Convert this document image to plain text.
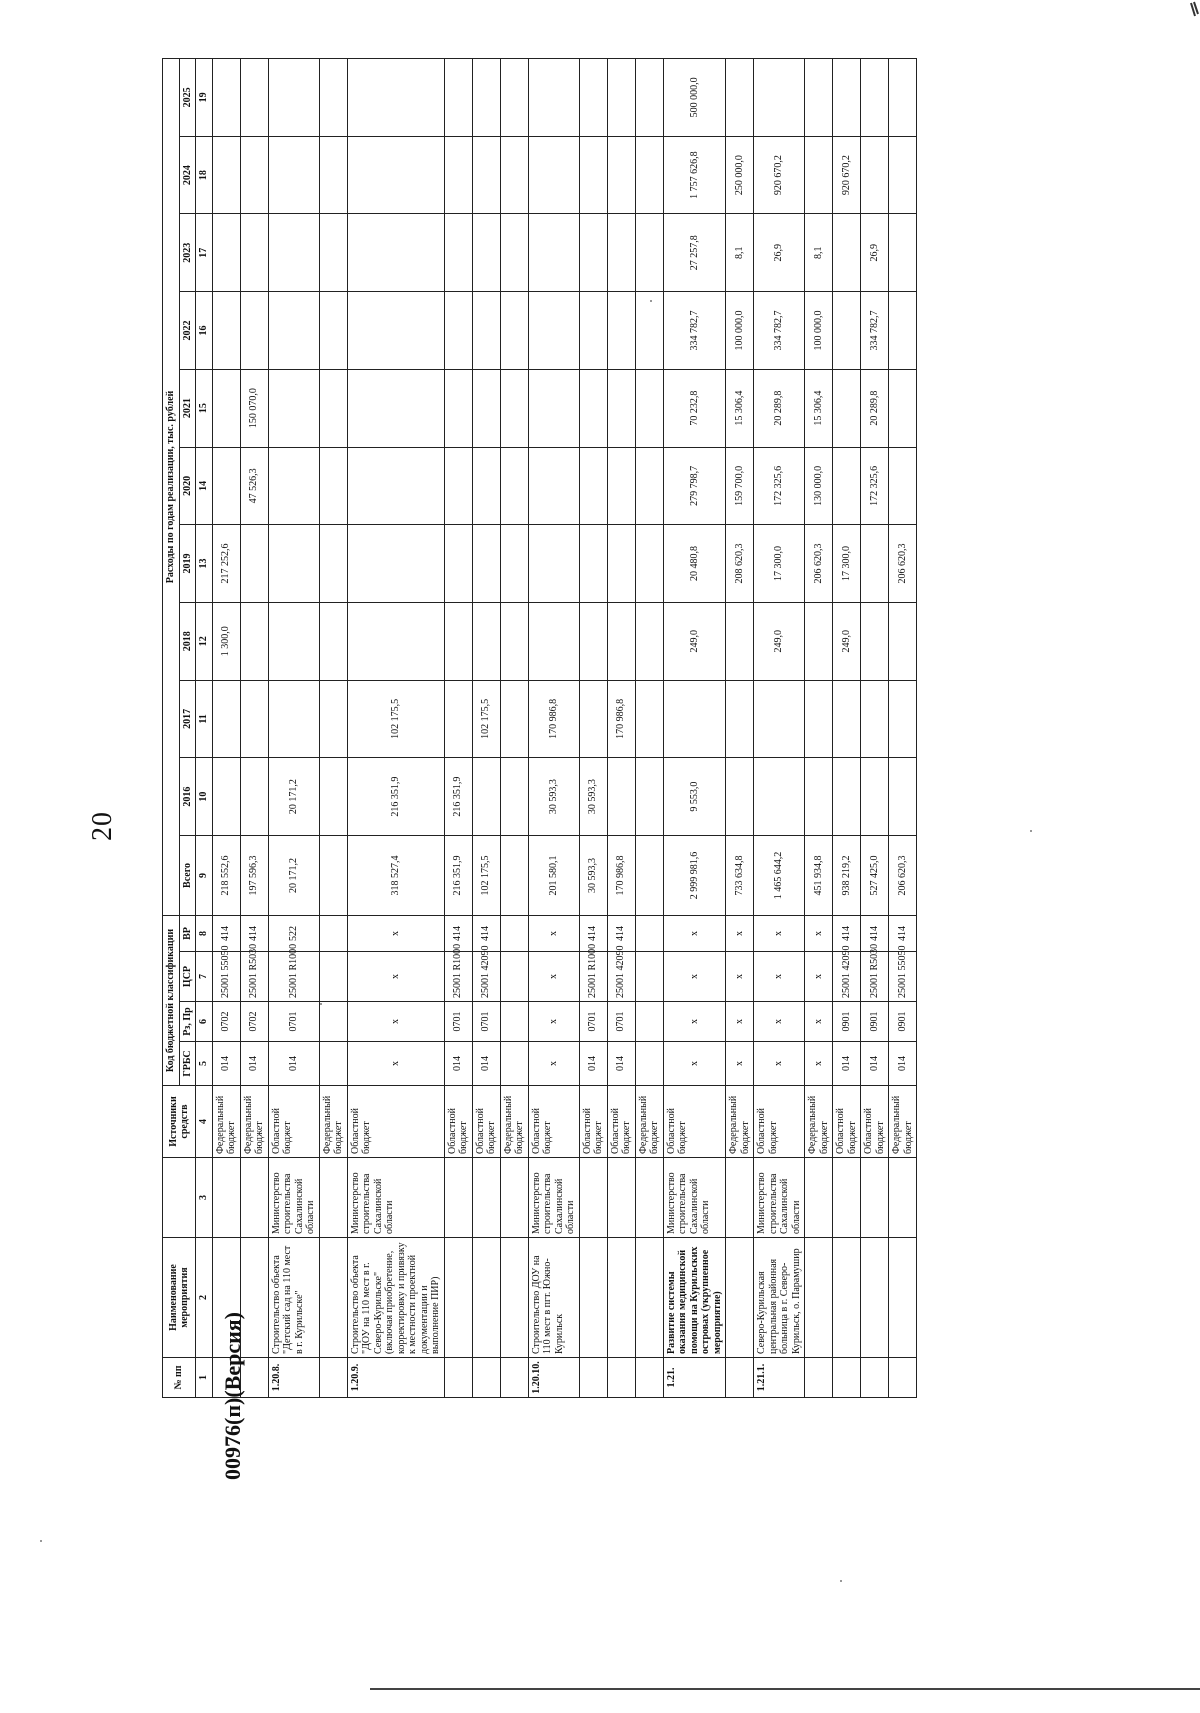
20
№ пп	Наименование мероприятия		Источники средств	Код бюджетной классификации				Расходы по годам реализации, тыс. рублей										
				ГРБС	Рз, Пр	ЦСР	ВР	Всего	2016	2017	2018	2019	2020	2021	2022	2023	2024	2025
1	2	3	4	5	6	7	8	9	10	11	12	13	14	15	16	17	18	19
			Федеральный бюджет	014	0702	25001 55050	414	218 552,6			1 300,0	217 252,6						
			Федеральный бюджет	014	0702	25001 R5030	414	197 596,3					47 526,3	150 070,0				
1.20.8.	Строительство объекта "Детский сад на 110 мест в г. Курильске"	Министерство строительства Сахалинской области	Областной бюджет	014	0701	25001 R1000	522	20 171,2	20 171,2									
			Федеральный бюджет															
1.20.9.	Строительство объекта "ДОУ на 110 мест в г. Северо-Курильске" (включая приобретение, корректировку и привязку к местности проектной документации и выполнение ПИР)	Министерство строительства Сахалинской области	Областной бюджет	x	x	x	x	318 527,4	216 351,9	102 175,5								
			Областной бюджет	014	0701	25001 R1000	414	216 351,9	216 351,9									
			Областной бюджет	014	0701	25001 42090	414	102 175,5		102 175,5								
			Федеральный бюджет															
1.20.10.	Строительство ДОУ на 110 мест в пгт. Южно-Курильск	Министерство строительства Сахалинской области	Областной бюджет	x	x	x	x	201 580,1	30 593,3	170 986,8								
			Областной бюджет	014	0701	25001 R1000	414	30 593,3	30 593,3									
			Областной бюджет	014	0701	25001 42090	414	170 986,8		170 986,8								
			Федеральный бюджет															
1.21.	Развитие системы оказания медицинской помощи на Курильских островах (укрупненное мероприятие)	Министерство строительства Сахалинской области	Областной бюджет	x	x	x	x	2 999 981,6	9 553,0		249,0	20 480,8	279 798,7	70 232,8	334 782,7	27 257,8	1 757 626,8	500 000,0
			Федеральный бюджет	x	x	x	x	733 634,8				208 620,3	159 700,0	15 306,4	100 000,0	8,1	250 000,0	
1.21.1.	Северо-Курильская центральная районная больница в г. Северо-Курильск, о. Парамушир	Министерство строительства Сахалинской области	Областной бюджет	x	x	x	x	1 465 644,2			249,0	17 300,0	172 325,6	20 289,8	334 782,7	26,9	920 670,2	
			Федеральный бюджет	x	x	x	x	451 934,8				206 620,3	130 000,0	15 306,4	100 000,0	8,1		
			Областной бюджет	014	0901	25001 42090	414	938 219,2			249,0	17 300,0					920 670,2	
			Областной бюджет	014	0901	25001 R5030	414	527 425,0					172 325,6	20 289,8	334 782,7	26,9		
			Федеральный бюджет	014	0901	25001 55050	414	206 620,3				206 620,3						
00976(п)(Версия)
